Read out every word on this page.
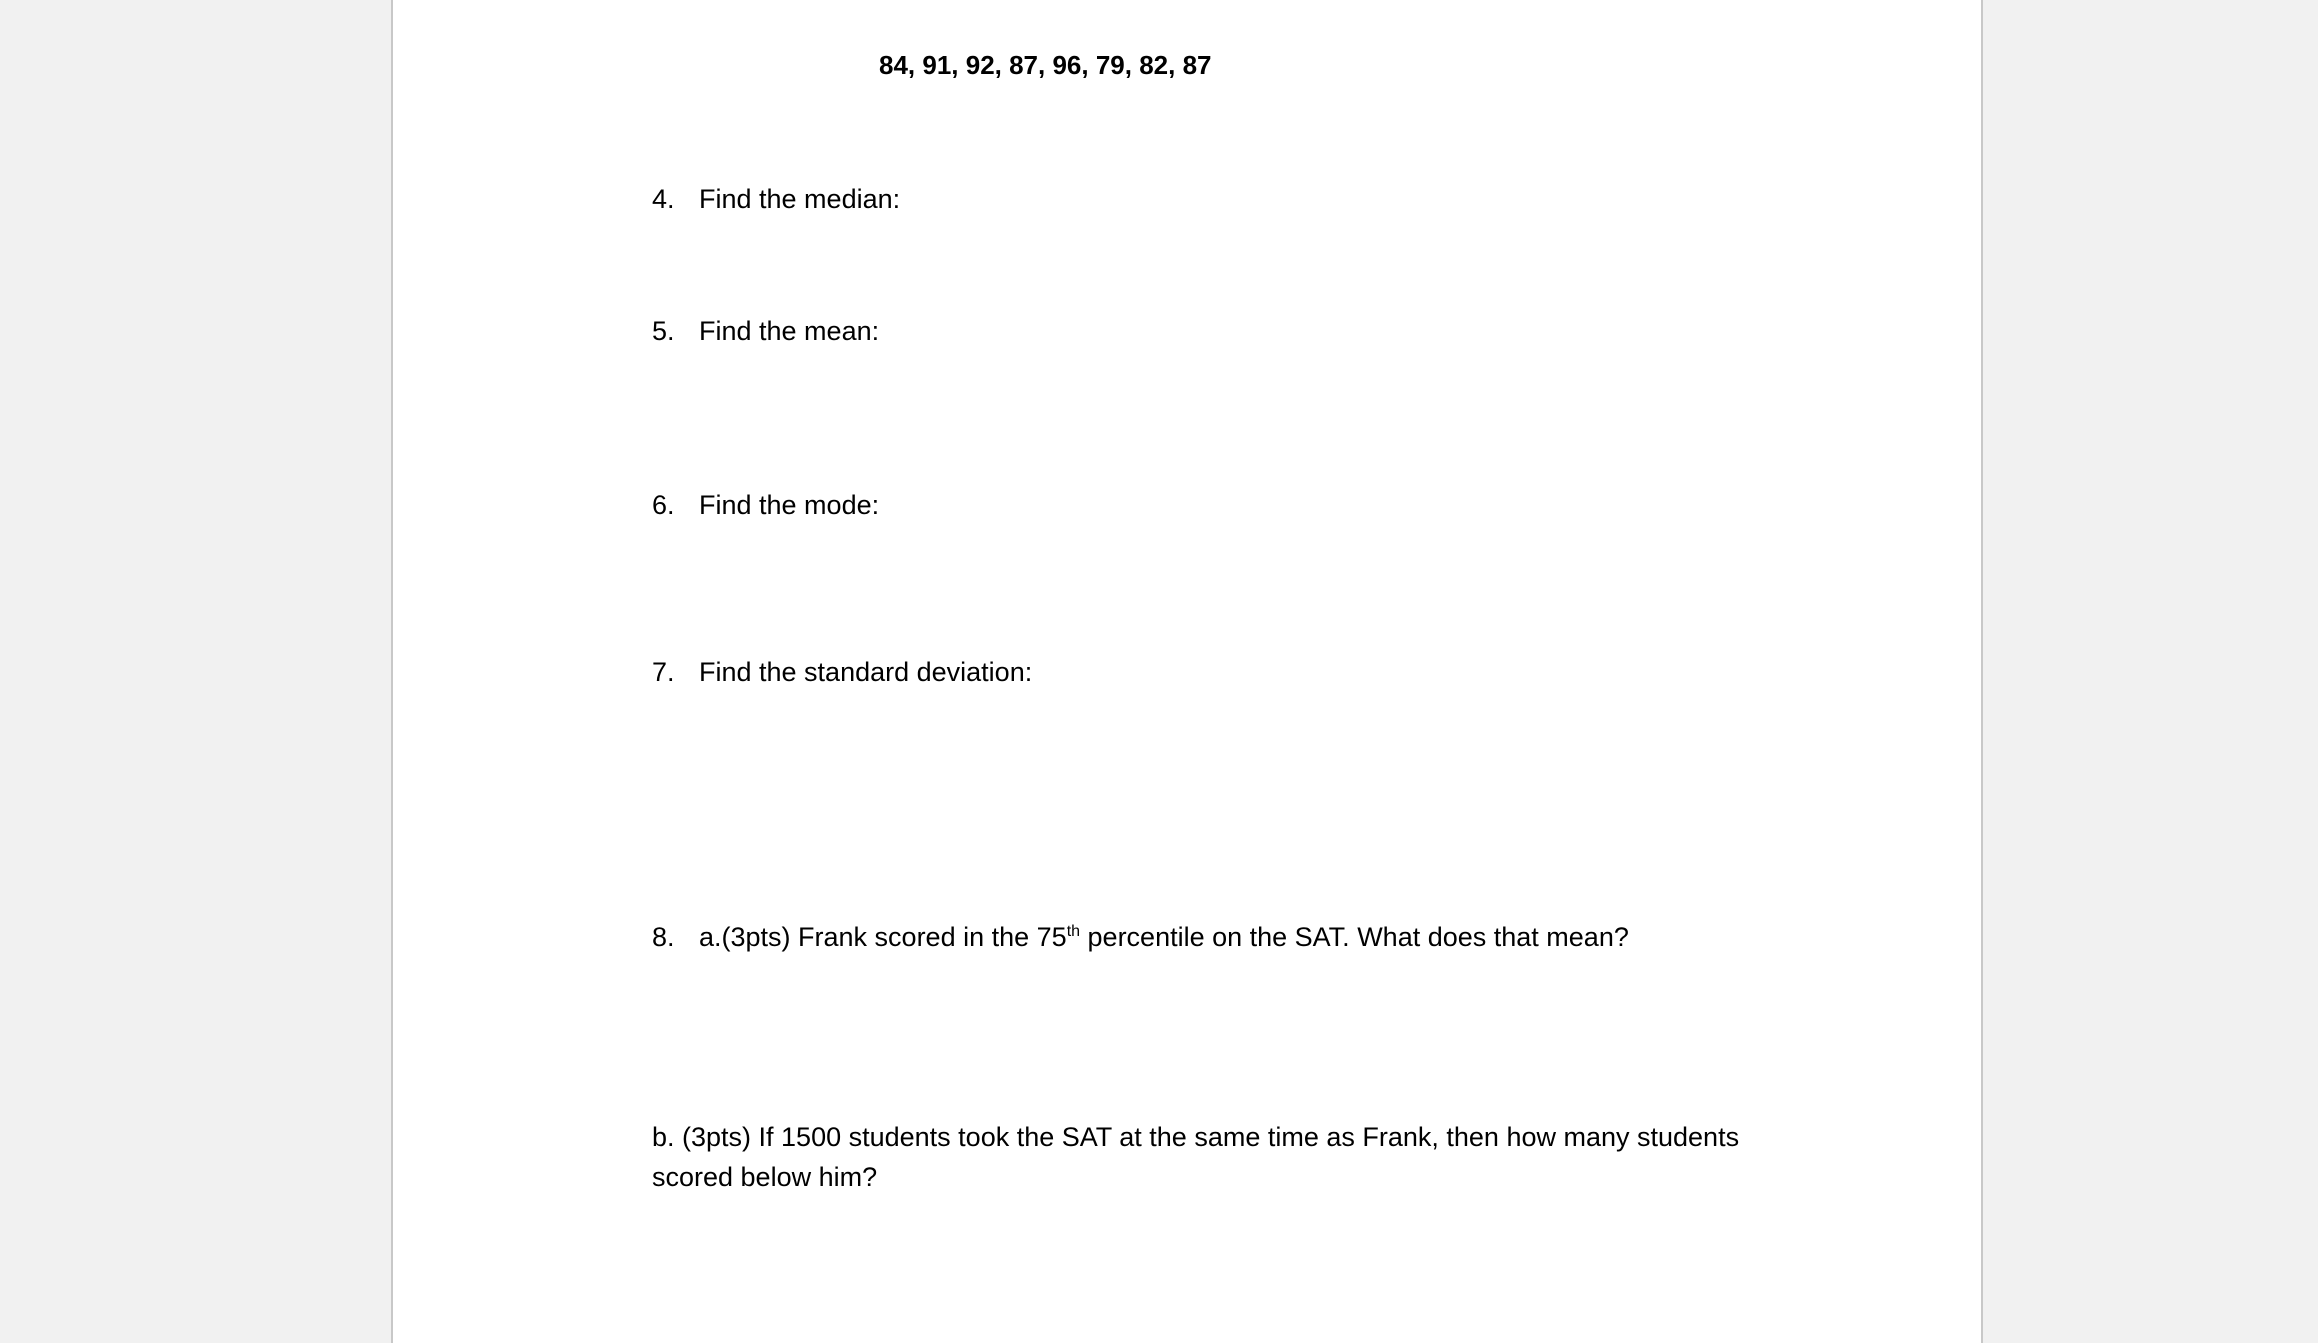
84, 91, 92, 87, 96, 79, 82, 87
4. Find the median:
5. Find the mean:
6. Find the mode:
7. Find the standard deviation:
8. a.(3pts) Frank scored in the 75th percentile on the SAT. What does that mean?
b. (3pts) If 1500 students took the SAT at the same time as Frank, then how many students scored below him?
